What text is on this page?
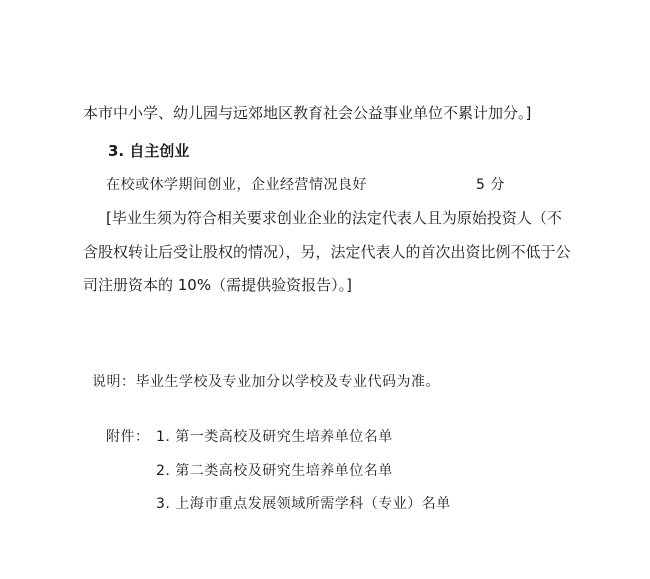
本市中小学、幼儿园与远郊地区教育社会公益事业单位不累计加分。]
3. 自主创业
在校或休学期间创业，企业经营情况良好	5 分
[毕业生须为符合相关要求创业企业的法定代表人且为原始投资人（不
含股权转让后受让股权的情况），另，法定代表人的首次出资比例不低于公
司注册资本的 10%（需提供验资报告）。]
说明：毕业生学校及专业加分以学校及专业代码为准。
附件： 1. 第一类高校及研究生培养单位名单
2. 第二类高校及研究生培养单位名单
3. 上海市重点发展领域所需学科（专业）名单
